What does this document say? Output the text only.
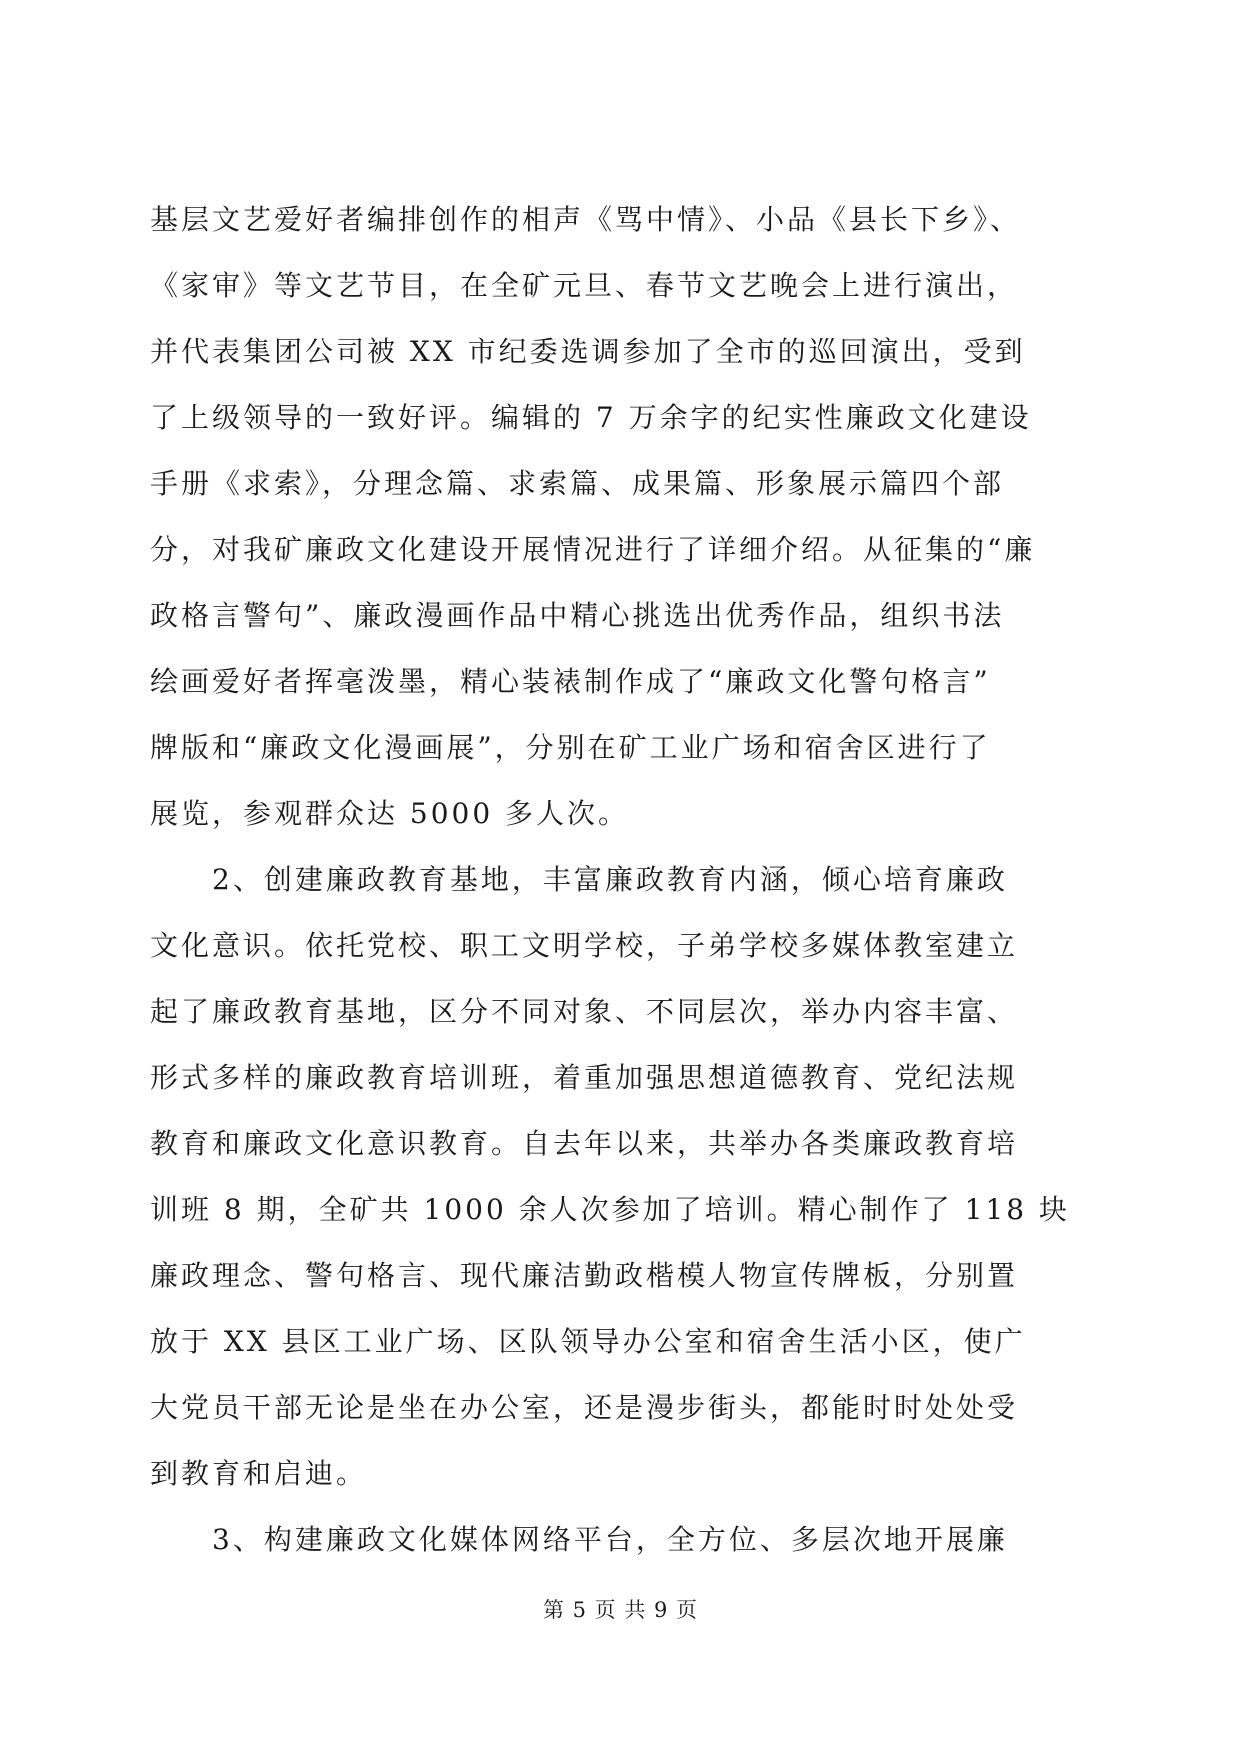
基层文艺爱好者编排创作的相声《骂中情》、小品《县长下乡》、
《家审》等文艺节目，在全矿元旦、春节文艺晚会上进行演出，
并代表集团公司被 XX 市纪委选调参加了全市的巡回演出，受到
了上级领导的一致好评。编辑的 7 万余字的纪实性廉政文化建设
手册《求索》，分理念篇、求索篇、成果篇、形象展示篇四个部
分，对我矿廉政文化建设开展情况进行了详细介绍。从征集的“廉
政格言警句”、廉政漫画作品中精心挑选出优秀作品，组织书法
绘画爱好者挥毫泼墨，精心装裱制作成了“廉政文化警句格言”
牌版和“廉政文化漫画展”，分别在矿工业广场和宿舍区进行了
展览，参观群众达 5000 多人次。
　　2、创建廉政教育基地，丰富廉政教育内涵，倾心培育廉政
文化意识。依托党校、职工文明学校，子弟学校多媒体教室建立
起了廉政教育基地，区分不同对象、不同层次，举办内容丰富、
形式多样的廉政教育培训班，着重加强思想道德教育、党纪法规
教育和廉政文化意识教育。自去年以来，共举办各类廉政教育培
训班 8 期，全矿共 1000 余人次参加了培训。精心制作了 118 块
廉政理念、警句格言、现代廉洁勤政楷模人物宣传牌板，分别置
放于 XX 县区工业广场、区队领导办公室和宿舍生活小区，使广
大党员干部无论是坐在办公室，还是漫步街头，都能时时处处受
到教育和启迪。
　　3、构建廉政文化媒体网络平台，全方位、多层次地开展廉
第 5 页 共 9 页
